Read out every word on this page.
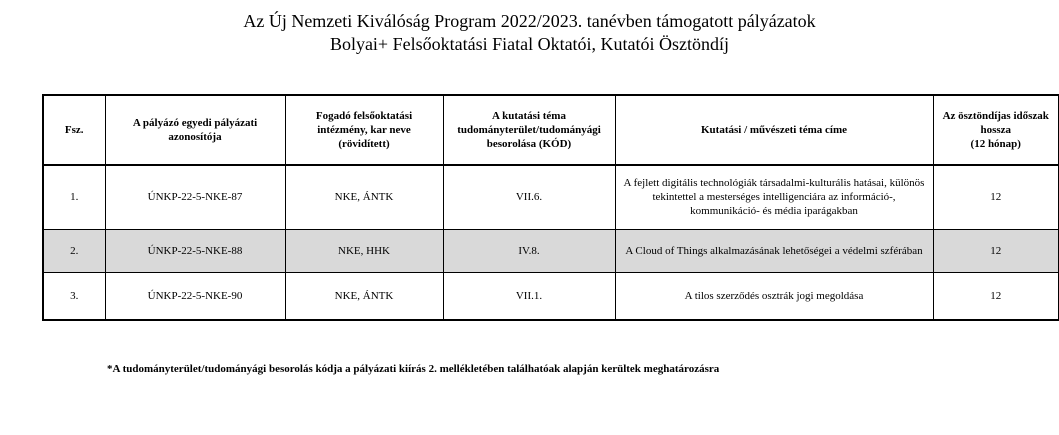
Az Új Nemzeti Kiválóság Program 2022/2023. tanévben támogatott pályázatok
Bolyai+ Felsőoktatási Fiatal Oktatói, Kutatói Ösztöndíj
Fsz.	A pályázó egyedi pályázati azonosítója	Fogadó felsőoktatási intézmény, kar neve (rövidített)	A kutatási téma tudományterület/tudományági besorolása (KÓD)	Kutatási / művészeti téma címe	Az ösztöndíjas időszak hossza
(12 hónap)
1.	ÚNKP-22-5-NKE-87	NKE, ÁNTK	VII.6.	A fejlett digitális technológiák társadalmi-kulturális hatásai, különös tekintettel a mesterséges intelligenciára az információ-, kommunikáció- és média iparágakban	12
2.	ÚNKP-22-5-NKE-88	NKE, HHK	IV.8.	A Cloud of Things alkalmazásának lehetőségei a védelmi szférában	12
3.	ÚNKP-22-5-NKE-90	NKE, ÁNTK	VII.1.	A tilos szerződés osztrák jogi megoldása	12
*A tudományterület/tudományági besorolás kódja a pályázati kiírás 2. mellékletében találhatóak alapján kerültek meghatározásra
